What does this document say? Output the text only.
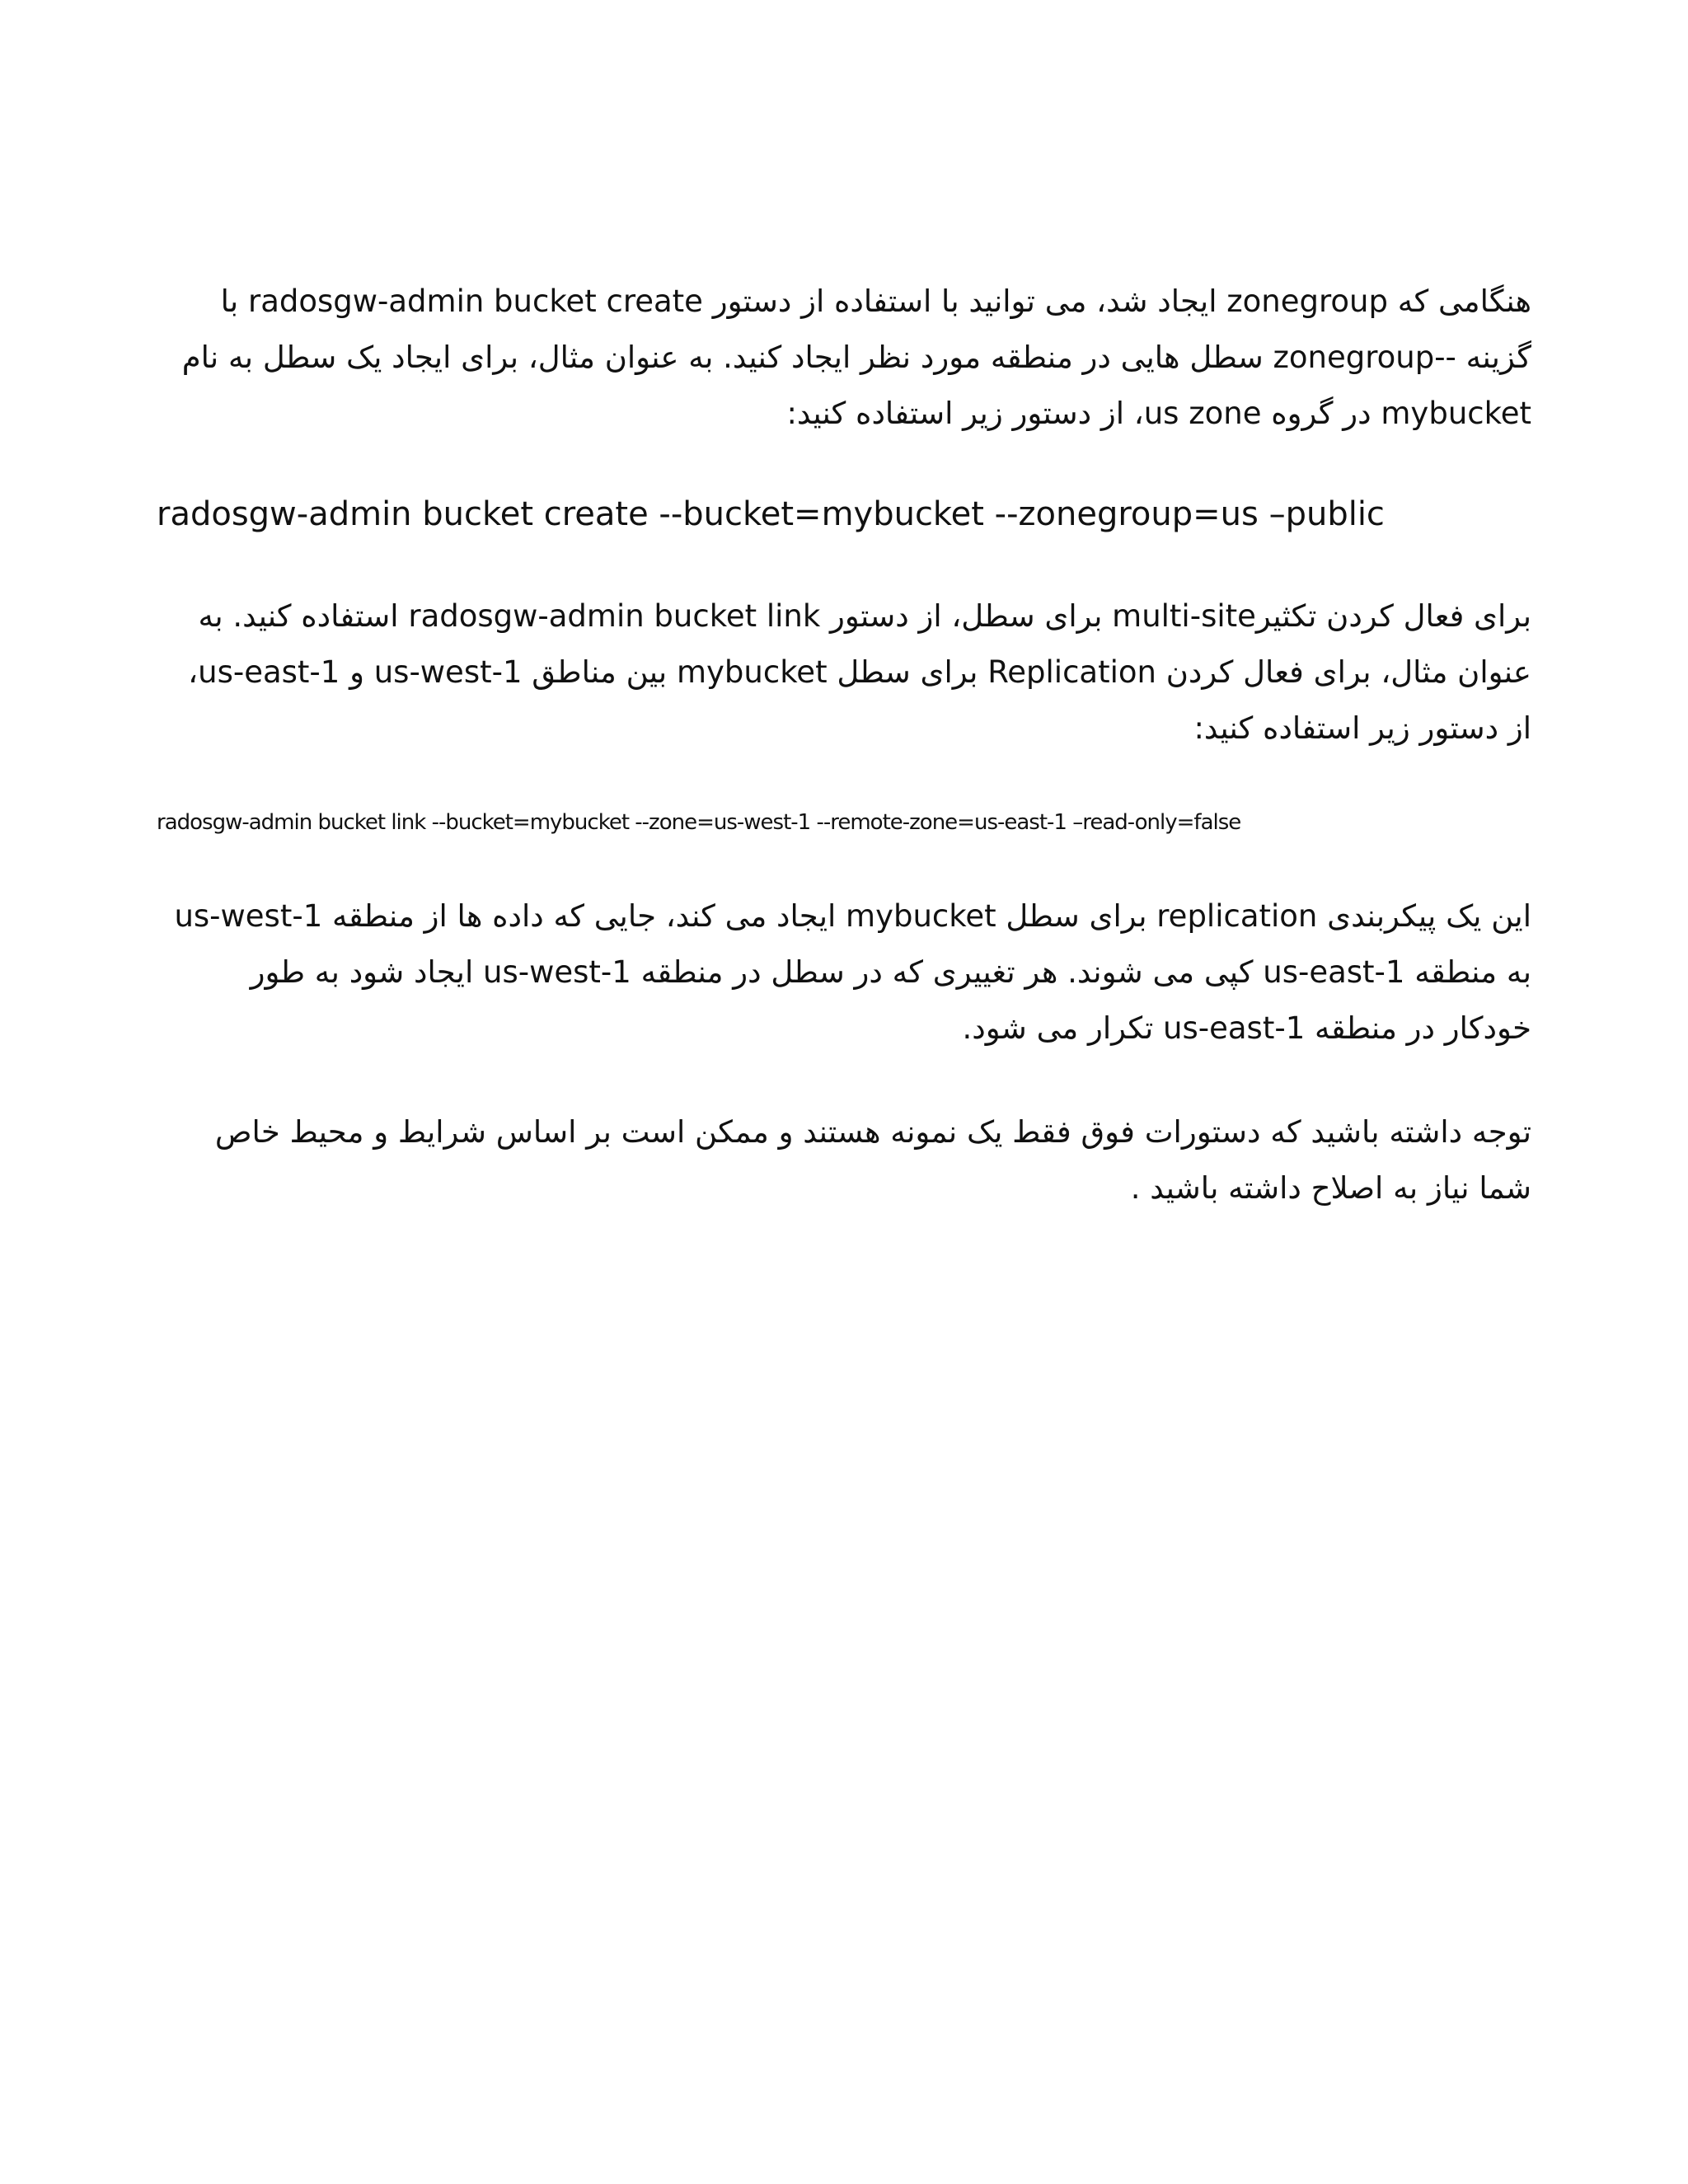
هنگامی که zonegroup ایجاد شد، می توانید با استفاده از دستور radosgw-admin bucket create با گزینه --zonegroup سطل هایی در منطقه مورد نظر ایجاد کنید. به عنوان مثال، برای ایجاد یک سطل به نام mybucket در گروه us zone، از دستور زیر استفاده کنید:

radosgw-admin bucket create --bucket=mybucket --zonegroup=us –public

برای فعال کردن تکثیرmulti-site برای سطل، از دستور radosgw-admin bucket link استفاده کنید. به عنوان مثال، برای فعال کردن Replication برای سطل mybucket بین مناطق us-west-1 و us-east-1، از دستور زیر استفاده کنید:

radosgw-admin bucket link --bucket=mybucket --zone=us-west-1 --remote-zone=us-east-1 –read-only=false

این یک پیکربندی replication برای سطل mybucket ایجاد می کند، جایی که داده ها از منطقه us-west-1 به منطقه us-east-1 کپی می شوند. هر تغییری که در سطل در منطقه us-west-1 ایجاد شود به طور خودکار در منطقه us-east-1 تکرار می شود.

توجه داشته باشید که دستورات فوق فقط یک نمونه هستند و ممکن است بر اساس شرایط و محیط خاص شما نیاز به اصلاح داشته باشید .
